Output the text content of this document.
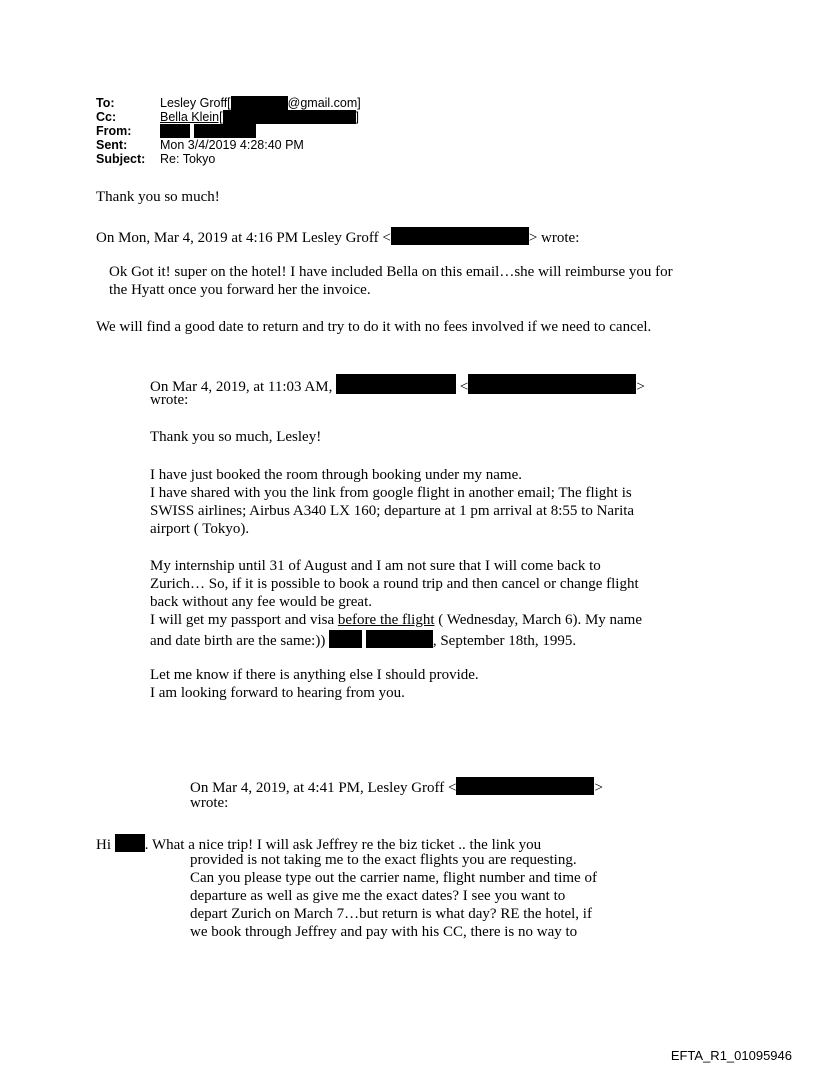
To:	Lesley Groff[	@gmail.com]
Cc:	Bella Klein[	]
From:
Sent:	Mon 3/4/2019 4:28:40 PM
Subject: Re: Tokyo
Thank you so much!
On Mon, Mar 4, 2019 at 4:16 PM Lesley Groff <	> wrote:
Ok Got it! super on the hotel! I have included Bella on this email…she will reimburse you for
the Hyatt once you forward her the invoice.
We will find a good date to return and try to do it with no fees involved if we need to cancel.
On Mar 4, 2019, at 11:03 AM,	<	>
wrote:
Thank you so much, Lesley!
I have just booked the room through booking under my name.
I have shared with you the link from google flight in another email; The flight is
SWISS airlines; Airbus A340 LX 160; departure at 1 pm arrival at 8:55 to Narita
airport ( Tokyo).
My internship until 31 of August and I am not sure that I will come back to
Zurich… So, if it is possible to book a round trip and then cancel or change flight
back without any fee would be great.
I will get my passport and visa before the flight ( Wednesday, March 6). My name
and date birth are the same:))	, September 18th, 1995.
Let me know if there is anything else I should provide.
I am looking forward to hearing from you.
On Mar 4, 2019, at 4:41 PM, Lesley Groff <	>
wrote:
Hi . What a nice trip! I will ask Jeffrey re the biz ticket .. the link you
provided is not taking me to the exact flights you are requesting.
Can you please type out the carrier name, flight number and time of
departure as well as give me the exact dates? I see you want to
depart Zurich on March 7…but return is what day? RE the hotel, if
we book through Jeffrey and pay with his CC, there is no way to
EFTA_R1_01095946
